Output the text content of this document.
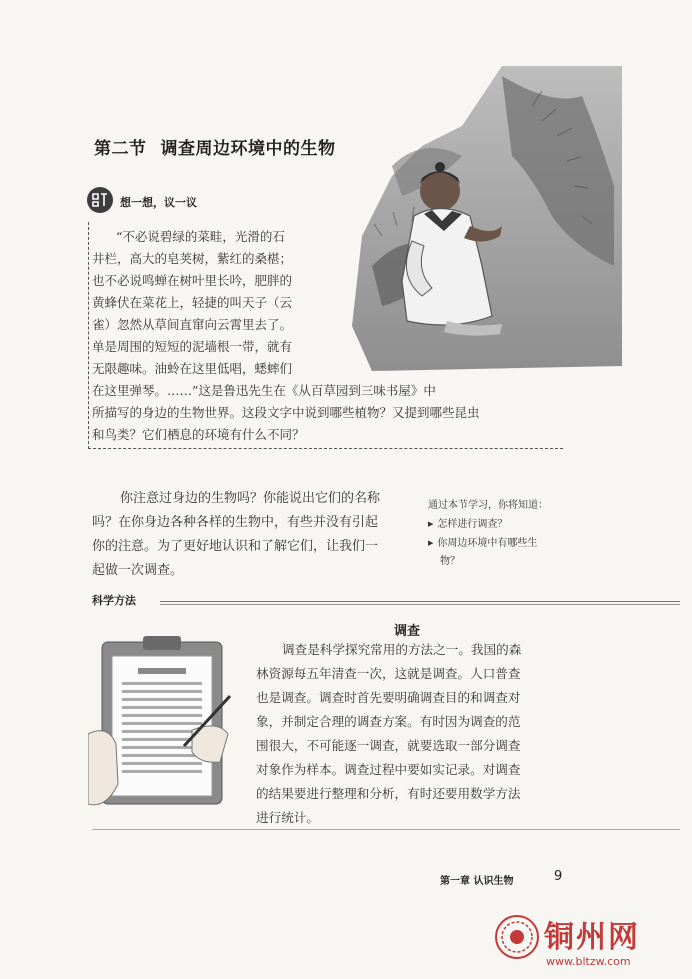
第二节 调查周边环境中的生物
想一想，议一议
“不必说碧绿的菜畦，光滑的石
井栏，高大的皂荚树，紫红的桑椹；
也不必说鸣蝉在树叶里长吟，肥胖的
黄蜂伏在菜花上，轻捷的叫天子（云
雀）忽然从草间直窜向云霄里去了。
单是周围的短短的泥墙根一带，就有
无限趣味。油蛉在这里低唱，蟋蟀们
在这里弹琴。……”这是鲁迅先生在《从百草园到三味书屋》中
所描写的身边的生物世界。这段文字中说到哪些植物？又提到哪些昆虫
和鸟类？它们栖息的环境有什么不同？
你注意过身边的生物吗？你能说出它们的名称
吗？在你身边各种各样的生物中，有些并没有引起
你的注意。为了更好地认识和了解它们，让我们一
起做一次调查。
通过本节学习，你将知道：
▶ 怎样进行调查？
▶ 你周边环境中有哪些生
物？
科学方法
调查
调查是科学探究常用的方法之一。我国的森
林资源每五年清查一次，这就是调查。人口普查
也是调查。调查时首先要明确调查目的和调查对
象，并制定合理的调查方案。有时因为调查的范
围很大，不可能逐一调查，就要选取一部分调查
对象作为样本。调查过程中要如实记录。对调查
的结果要进行整理和分析，有时还要用数学方法
进行统计。
第一章 认识生物	9
铜州网
www.bltzw.com
